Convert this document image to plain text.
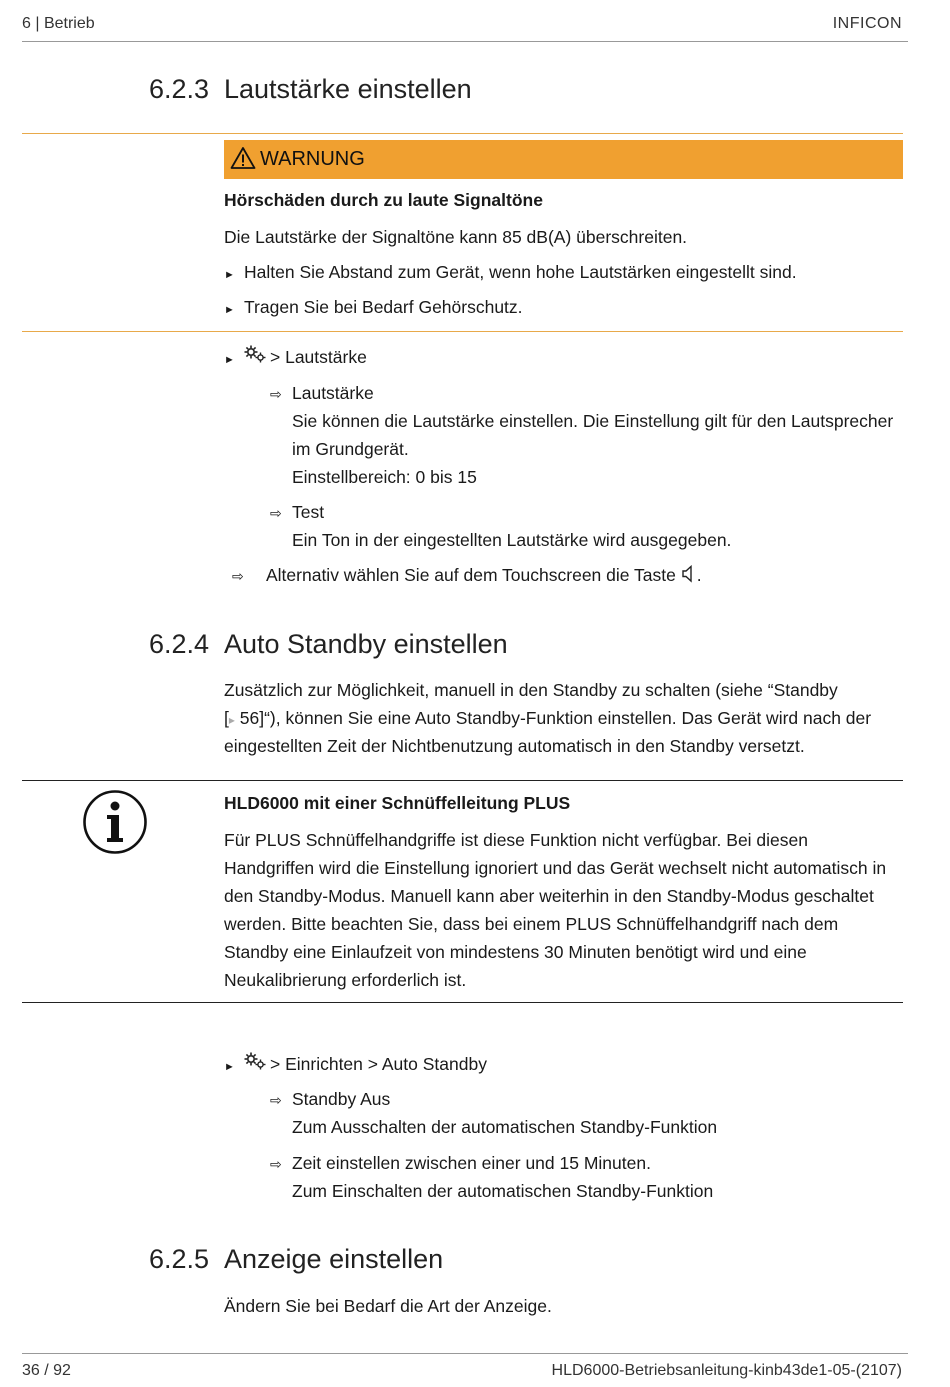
6 | Betrieb	INFICON
6.2.3 Lautstärke einstellen
WARNUNG
Hörschäden durch zu laute Signaltöne
Die Lautstärke der Signaltöne kann 85 dB(A) überschreiten.
► Halten Sie Abstand zum Gerät, wenn hohe Lautstärken eingestellt sind.
► Tragen Sie bei Bedarf Gehörschutz.
► > Lautstärke
⇨ Lautstärke
Sie können die Lautstärke einstellen. Die Einstellung gilt für den Lautsprecher
im Grundgerät.
Einstellbereich: 0 bis 15
⇨ Test
Ein Ton in der eingestellten Lautstärke wird ausgegeben.
⇨ Alternativ wählen Sie auf dem Touchscreen die Taste .
6.2.4 Auto Standby einstellen
Zusätzlich zur Möglichkeit, manuell in den Standby zu schalten (siehe “Standby
[▸ 56]“), können Sie eine Auto Standby-Funktion einstellen. Das Gerät wird nach der
eingestellten Zeit der Nichtbenutzung automatisch in den Standby versetzt.
HLD6000 mit einer Schnüffelleitung PLUS
Für PLUS Schnüffelhandgriffe ist diese Funktion nicht verfügbar. Bei diesen
Handgriffen wird die Einstellung ignoriert und das Gerät wechselt nicht automatisch in
den Standby-Modus. Manuell kann aber weiterhin in den Standby-Modus geschaltet
werden. Bitte beachten Sie, dass bei einem PLUS Schnüffelhandgriff nach dem
Standby eine Einlaufzeit von mindestens 30 Minuten benötigt wird und eine
Neukalibrierung erforderlich ist.
► > Einrichten > Auto Standby
⇨ Standby Aus
Zum Ausschalten der automatischen Standby-Funktion
⇨ Zeit einstellen zwischen einer und 15 Minuten.
Zum Einschalten der automatischen Standby-Funktion
6.2.5 Anzeige einstellen
Ändern Sie bei Bedarf die Art der Anzeige.
36 / 92	HLD6000-Betriebsanleitung-kinb43de1-05-(2107)
